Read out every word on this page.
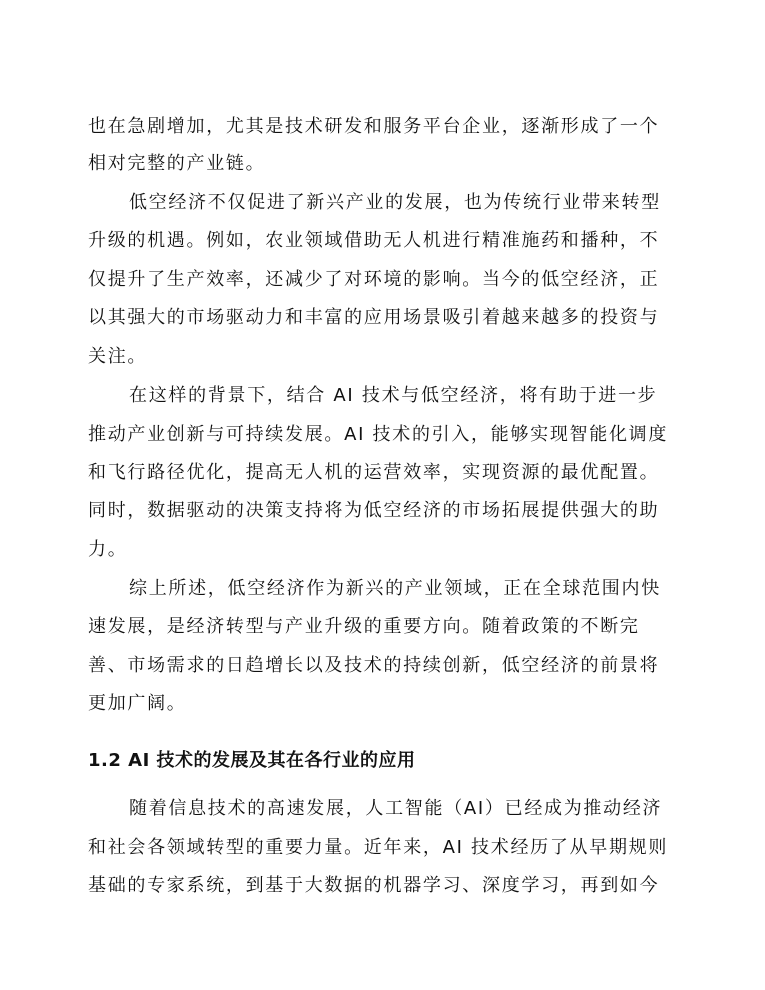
也在急剧增加，尤其是技术研发和服务平台企业，逐渐形成了一个
相对完整的产业链。
低空经济不仅促进了新兴产业的发展，也为传统行业带来转型
升级的机遇。例如，农业领域借助无人机进行精准施药和播种，不
仅提升了生产效率，还减少了对环境的影响。当今的低空经济，正
以其强大的市场驱动力和丰富的应用场景吸引着越来越多的投资与
关注。
在这样的背景下，结合 AI 技术与低空经济，将有助于进一步
推动产业创新与可持续发展。AI 技术的引入，能够实现智能化调度
和飞行路径优化，提高无人机的运营效率，实现资源的最优配置。
同时，数据驱动的决策支持将为低空经济的市场拓展提供强大的助
力。
综上所述，低空经济作为新兴的产业领域，正在全球范围内快
速发展，是经济转型与产业升级的重要方向。随着政策的不断完
善、市场需求的日趋增长以及技术的持续创新，低空经济的前景将
更加广阔。
1.2 AI 技术的发展及其在各行业的应用
随着信息技术的高速发展，人工智能（AI）已经成为推动经济
和社会各领域转型的重要力量。近年来，AI 技术经历了从早期规则
基础的专家系统，到基于大数据的机器学习、深度学习，再到如今
